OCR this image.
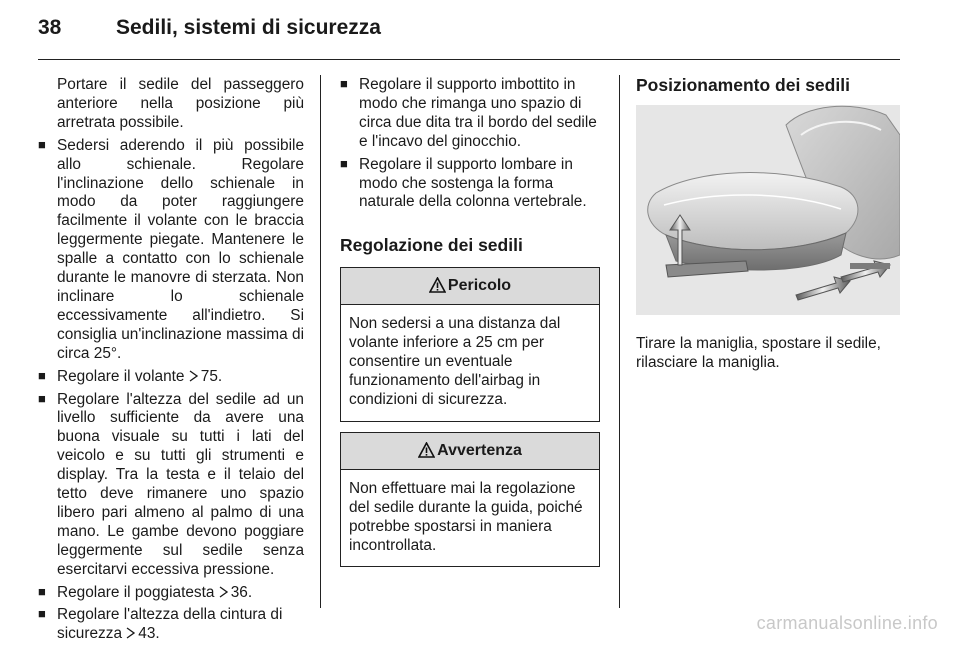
38	Sedili, sistemi di sicurezza

Portare il sedile del passeggero anteriore nella posizione più arretrata possibile.

■ Sedersi aderendo il più possibile allo schienale. Regolare l'inclinazione dello schienale in modo da poter raggiungere facilmente il volante con le braccia leggermente piegate. Mantenere le spalle a contatto con lo schienale durante le manovre di sterzata. Non inclinare lo schienale eccessivamente all'indietro. Si consiglia un'inclinazione massima di circa 25°.
■ Regolare il volante 75.
■ Regolare l'altezza del sedile ad un livello sufficiente da avere una buona visuale su tutti i lati del veicolo e su tutti gli strumenti e display. Tra la testa e il telaio del tetto deve rimanere uno spazio libero pari almeno al palmo di una mano. Le gambe devono poggiare leggermente sul sedile senza esercitarvi eccessiva pressione.
■ Regolare il poggiatesta 36.
■ Regolare l'altezza della cintura di sicurezza 43.
■ Regolare il supporto imbottito in modo che rimanga uno spazio di circa due dita tra il bordo del sedile e l'incavo del ginocchio.
■ Regolare il supporto lombare in modo che sostenga la forma naturale della colonna vertebrale.
Regolazione dei sedili
Pericolo
Non sedersi a una distanza dal volante inferiore a 25 cm per consentire un eventuale funzionamento dell'airbag in condizioni di sicurezza.
Avvertenza
Non effettuare mai la regolazione del sedile durante la guida, poiché potrebbe spostarsi in maniera incontrollata.
Posizionamento dei sedili
Tirare la maniglia, spostare il sedile, rilasciare la maniglia.
carmanualsonline.info
